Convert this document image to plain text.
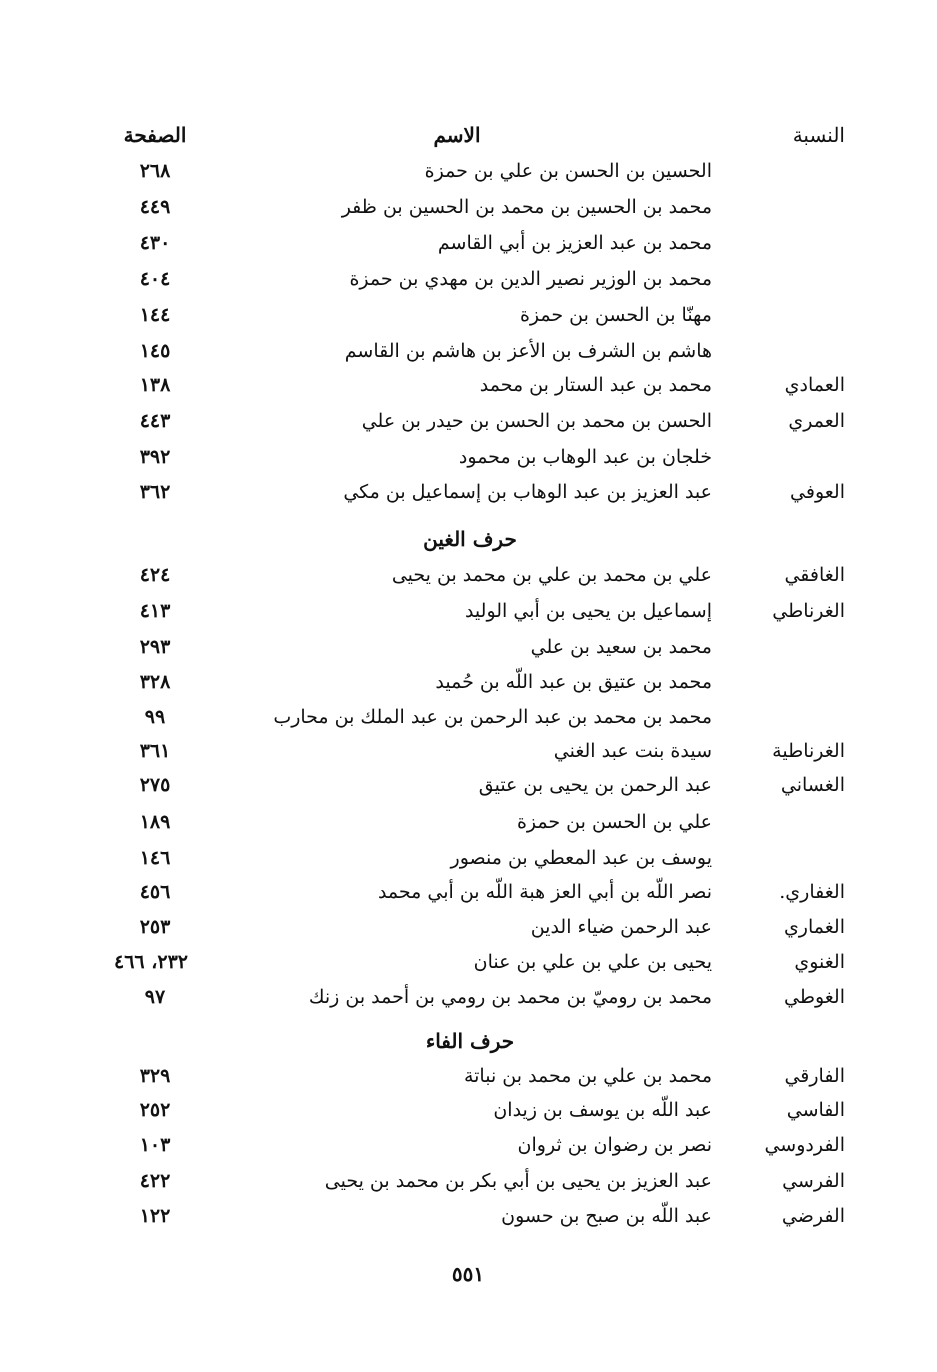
النسبة
الاسم
الصفحة
الحسين بن الحسن بن علي بن حمزة
٢٦٨
محمد بن الحسين بن محمد بن الحسين بن ظفر
٤٤٩
محمد بن عبد العزيز بن أبي القاسم
٤٣٠
محمد بن الوزير نصير الدين بن مهدي بن حمزة
٤٠٤
مهنّا بن الحسن بن حمزة
١٤٤
هاشم بن الشرف بن الأعز بن هاشم بن القاسم
١٤٥
العمادي
محمد بن عبد الستار بن محمد
١٣٨
العمري
الحسن بن محمد بن الحسن بن حيدر بن علي
٤٤٣
خلجان بن عبد الوهاب بن محمود
٣٩٢
العوفي
عبد العزيز بن عبد الوهاب بن إسماعيل بن مكي
٣٦٢
حرف الغين
الغافقي
علي بن محمد بن علي بن محمد بن يحيى
٤٢٤
الغرناطي
إسماعيل بن يحيى بن أبي الوليد
٤١٣
محمد بن سعيد بن علي
٢٩٣
محمد بن عتيق بن عبد اللّه بن حُميد
٣٢٨
محمد بن محمد بن عبد الرحمن بن عبد الملك بن محارب
٩٩
الغرناطية
سيدة بنت عبد الغني
٣٦١
الغساني
عبد الرحمن بن يحيى بن عتيق
٢٧٥
علي بن الحسن بن حمزة
١٨٩
يوسف بن عبد المعطي بن منصور
١٤٦
الغفاري.
نصر اللّه بن أبي العز هبة اللّه بن أبي محمد
٤٥٦
الغماري
عبد الرحمن ضياء الدين
٢٥٣
الغنوي
يحيى بن علي بن علي بن عنان
٢٣٢، ٤٦٦
الغوطي
محمد بن روميّ بن محمد بن رومي بن أحمد بن زنك
٩٧
حرف الفاء
الفارقي
محمد بن علي بن محمد بن نباتة
٣٢٩
الفاسي
عبد اللّه بن يوسف بن زيدان
٢٥٢
الفردوسي
نصر بن رضوان بن ثروان
١٠٣
الفرسي
عبد العزيز بن يحيى بن أبي بكر بن محمد بن يحيى
٤٢٢
الفرضي
عبد اللّه بن صبح بن حسون
١٢٢
٥٥١
